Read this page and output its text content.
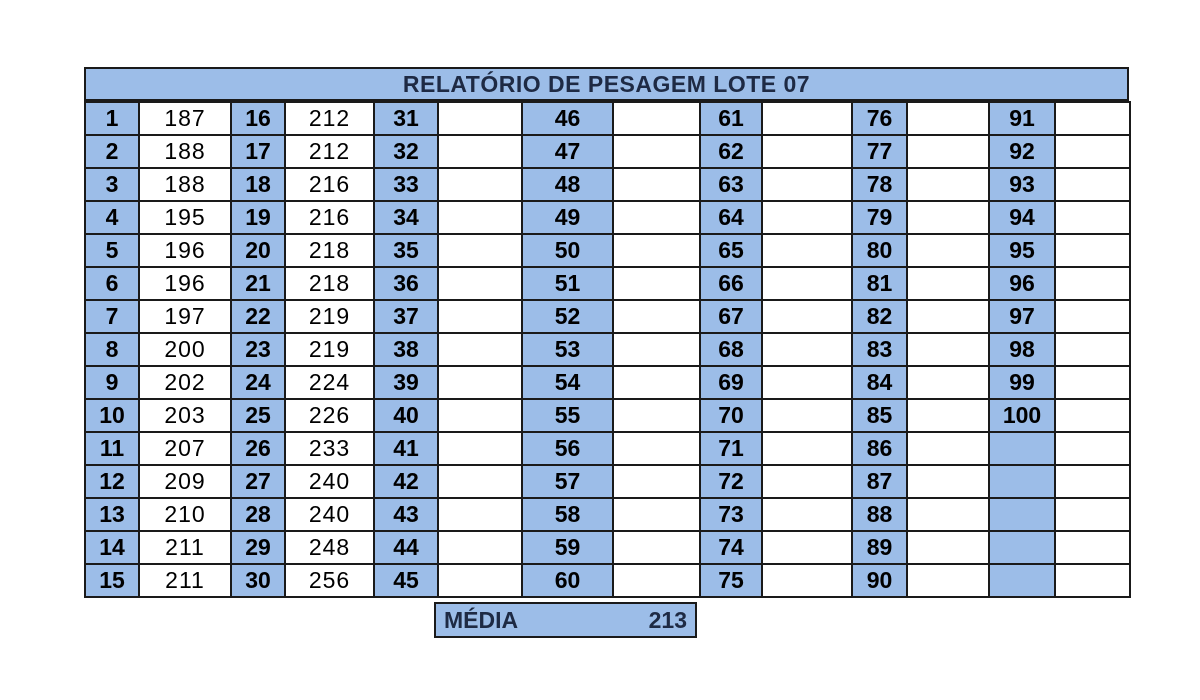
RELATÓRIO DE PESAGEM LOTE 07
1	187	16	212	31		46		61		76		91	
2	188	17	212	32		47		62		77		92	
3	188	18	216	33		48		63		78		93	
4	195	19	216	34		49		64		79		94	
5	196	20	218	35		50		65		80		95	
6	196	21	218	36		51		66		81		96	
7	197	22	219	37		52		67		82		97	
8	200	23	219	38		53		68		83		98	
9	202	24	224	39		54		69		84		99	
10	203	25	226	40		55		70		85		100	
11	207	26	233	41		56		71		86			
12	209	27	240	42		57		72		87			
13	210	28	240	43		58		73		88			
14	211	29	248	44		59		74		89			
15	211	30	256	45		60		75		90			
MÉDIA	213
